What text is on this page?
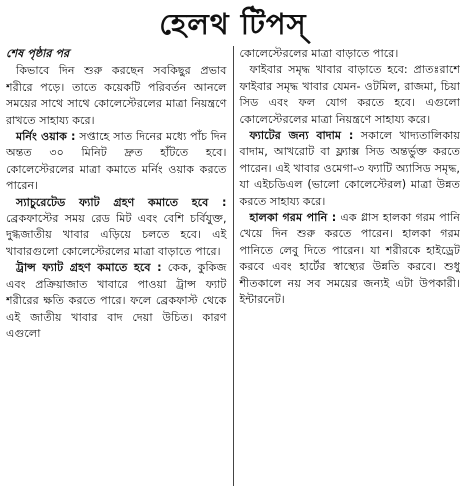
হেলথ টিপস্
শেষ পৃষ্ঠার পর

কিভাবে দিন শুরু করছেন সবকিছুর প্রভাব শরীরে পড়ে। তাতে কয়েকটি পরিবর্তন আনলে সময়ের সাথে সাথে কোলেস্টেরলের মাত্রা নিয়ন্ত্রণে রাখতে সাহায্য করে।

মর্নিং ওয়াক : সপ্তাহে সাত দিনের মধ্যে পাঁচ দিন অন্তত ৩০ মিনিট দ্রুত হাঁটতে হবে। কোলেস্টেরলের মাত্রা কমাতে মর্নিং ওয়াক করতে পারেন।

স্যাচুরেটেড ফ্যাট গ্রহণ কমাতে হবে : ব্রেকফাস্টের সময় রেড মিট এবং বেশি চর্বিযুক্ত, দুগ্ধজাতীয় খাবার এড়িয়ে চলতে হবে। এই খাবারগুলো কোলেস্টেরলের মাত্রা বাড়াতে পারে।

ট্রান্স ফ্যাট গ্রহণ কমাতে হবে : কেক, কুকিজ এবং প্রক্রিয়াজাত খাবারে পাওয়া ট্রান্স ফ্যাট শরীরের ক্ষতি করতে পারে। ফলে ব্রেকফাস্ট থেকে এই জাতীয় খাবার বাদ দেয়া উচিত। কারণ এগুলো

কোলেস্টেরলের মাত্রা বাড়াতে পারে।

ফাইবার সমৃদ্ধ খাবার বাড়াতে হবে: প্রাতঃরাশে ফাইবার সমৃদ্ধ খাবার যেমন- ওটমিল, রাজমা, চিয়া সিড এবং ফল যোগ করতে হবে। এগুলো কোলেস্টেরলের মাত্রা নিয়ন্ত্রণে সাহায্য করে।

ফ্যাটের জন্য বাদাম : সকালে খাদ্যতালিকায় বাদাম, আখরোট বা ফ্ল্যাক্স সিড অন্তর্ভুক্ত করতে পারেন। এই খাবার ওমেগা-৩ ফ্যাটি অ্যাসিড সমৃদ্ধ, যা এইচডিএল (ভালো কোলেস্টেরল) মাত্রা উন্নত করতে সাহায্য করে।

হালকা গরম পানি : এক গ্লাস হালকা গরম পানি খেয়ে দিন শুরু করতে পারেন। হালকা গরম পানিতে লেবু দিতে পারেন। যা শরীরকে হাইড্রেট করবে এবং হার্টের স্বাস্থ্যের উন্নতি করবে। শুধু শীতকালে নয় সব সময়ের জন্যই এটা উপকারী। ইন্টারনেট।
